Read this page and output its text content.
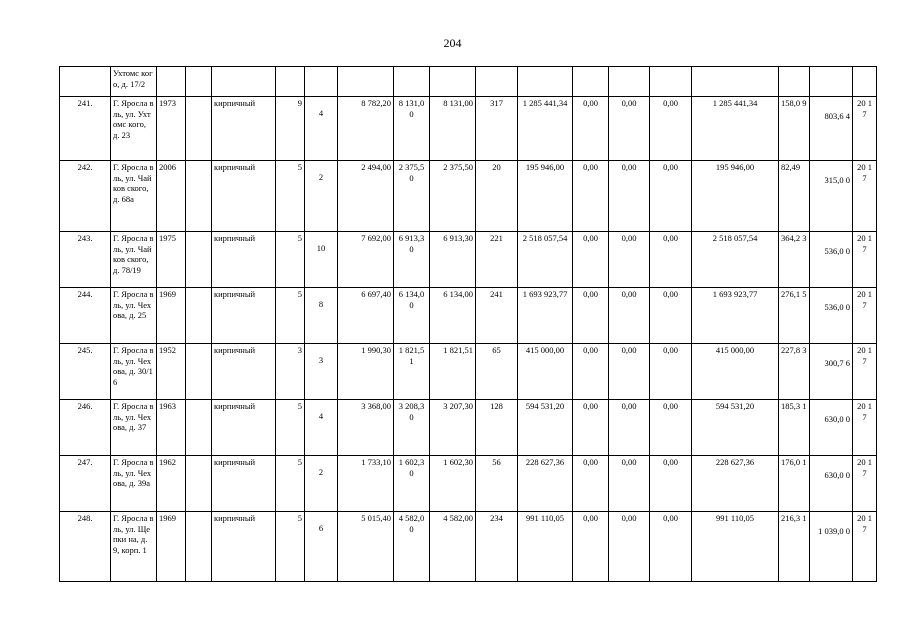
204
	Ухтомс кого, д. 17/2																	
241.	Г. Яросла вль, ул. Ухтомс кого, д. 23	1973		кирпичный	9	4	8 782,20	8 131,0 0	8 131,00	317	1 285 441,34	0,00	0,00	0,00	1 285 441,34	158,0 9	803,6 4	20 17
242.	Г. Яросла вль, ул. Чайков ского, д. 68а	2006		кирпичный	5	2	2 494,00	2 375,5 0	2 375,50	20	195 946,00	0,00	0,00	0,00	195 946,00	82,49	315,0 0	20 17
243.	Г. Яросла вль, ул. Чайков ского, д. 78/19	1975		кирпичный	5	10	7 692,00	6 913,3 0	6 913,30	221	2 518 057,54	0,00	0,00	0,00	2 518 057,54	364,2 3	536,0 0	20 17
244.	Г. Яросла вль, ул. Чехова, д. 25	1969		кирпичный	5	8	6 697,40	6 134,0 0	6 134,00	241	1 693 923,77	0,00	0,00	0,00	1 693 923,77	276,1 5	536,0 0	20 17
245.	Г. Яросла вль, ул. Чехова, д. 30/16	1952		кирпичный	3	3	1 990,30	1 821,5 1	1 821,51	65	415 000,00	0,00	0,00	0,00	415 000,00	227,8 3	300,7 6	20 17
246.	Г. Яросла вль, ул. Чехова, д. 37	1963		кирпичный	5	4	3 368,00	3 208,3 0	3 207,30	128	594 531,20	0,00	0,00	0,00	594 531,20	185,3 1	630,0 0	20 17
247.	Г. Яросла вль, ул. Чехова, д. 39а	1962		кирпичный	5	2	1 733,10	1 602,3 0	1 602,30	56	228 627,36	0,00	0,00	0,00	228 627,36	176,0 1	630,0 0	20 17
248.	Г. Яросла вль, ул. Щепки на, д. 9, корп. 1	1969		кирпичный	5	6	5 015,40	4 582,0 0	4 582,00	234	991 110,05	0,00	0,00	0,00	991 110,05	216,3 1	1 039,0 0	20 17
